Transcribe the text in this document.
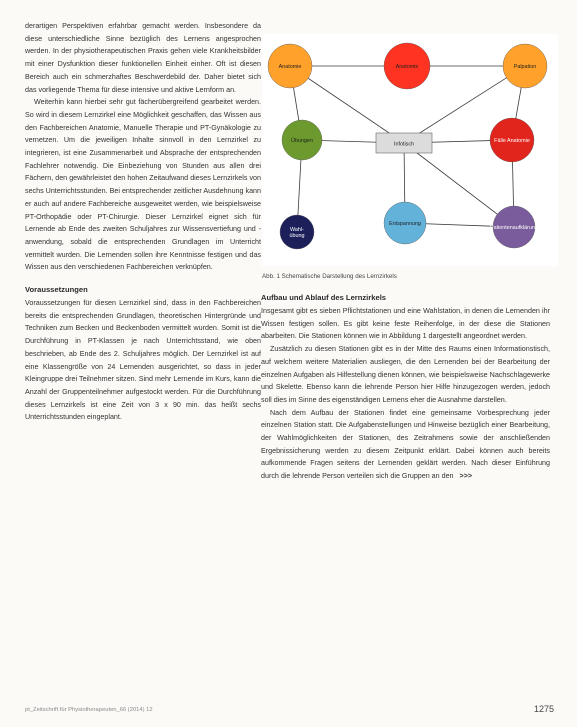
derartigen Perspektiven erfahrbar gemacht werden. Insbesondere da diese unterschiedliche Sinne bezüglich des Lernens angesprochen werden. In der physiotherapeutischen Praxis gehen viele Krankheitsbilder mit einer Dysfunktion dieser funktionellen Einheit einher. Oft ist diesen Bereich auch ein schmerzhaftes Beschwerdebild der. Daher bietet sich das vorliegende Thema für diese intensive und aktive Lernform an.

Weiterhin kann hierbei sehr gut fächerübergreifend gearbeitet werden. So wird in diesem Lernzirkel eine Möglichkeit geschaffen, das Wissen aus den Fachbereichen Anatomie, Manuelle Therapie und PT-Gynäkologie zu vernetzen. Um die jeweiligen Inhalte sinnvoll in den Lernzirkel zu integrieren, ist eine Zusammenarbeit und Absprache der entsprechenden Fachlehrer notwendig. Die Einbeziehung von Stunden aus allen drei Fächern, den gewährleistet den hohen Zeitaufwand dieses Lernzirkels von sechs Unterrichtsstunden. Bei entsprechender zeitlicher Ausdehnung kann er auch auf andere Fachbereiche ausgeweitet werden, wie beispielsweise PT-Orthopädie oder PT-Chirurgie. Dieser Lernzirkel eignet sich für Lernende ab Ende des zweiten Schuljahres zur Wissensvertiefung und -anwendung, sobald die entsprechenden Grundlagen im Unterricht vermittelt wurden. Die Lernenden sollen ihre Kenntnisse festigen und das Wissen aus den verschiedenen Fachbereichen verknüpfen.

Voraussetzungen

Voraussetzungen für diesen Lernzirkel sind, dass in den Fachbereichen bereits die entsprechenden Grundlagen, theoretischen Hintergründe und Techniken zum Becken und Beckenboden vermittelt wurden. Somit ist die Durchführung in PT-Klassen je nach Unterrichtsstand, wie oben beschrieben, ab Ende des 2. Schuljahres möglich. Der Lernzirkel ist auf eine Klassengröße von 24 Lernenden ausgerichtet, so dass in jeder Kleingruppe drei Teilnehmer sitzen. Sind mehr Lernende im Kurs, kann die Anzahl der Gruppenteilnehmer aufgestockt werden. Für die Durchführung dieses Lernzirkels ist eine Zeit von 3 x 90 min. das heißt sechs Unterrichtsstunden eingeplant.

Infotisch
Anatomie	Anatomie	Palpation
Übungen	Fälle Anatomie
Wahl-übung
Entspannung
Patientenaufklärung
Abb. 1 Schematische Darstellung des Lernzirkels
Aufbau und Ablauf des Lernzirkels

Insgesamt gibt es sieben Pflichtstationen und eine Wahlstation, in denen die Lernenden ihr Wissen festigen sollen. Es gibt keine feste Reihenfolge, in der diese die Stationen abarbeiten. Die Stationen können wie in Abbildung 1 dargestellt angeordnet werden.

Zusätzlich zu diesen Stationen gibt es in der Mitte des Raums einen Informationstisch, auf welchem weitere Materialien ausliegen, die den Lernenden bei der Bearbeitung der einzelnen Aufgaben als Hilfestellung dienen können, wie beispielsweise Nachschlagewerke und Skelette. Ebenso kann die lehrende Person hier Hilfe hinzugezogen werden, jedoch soll dies im Sinne des eigenständigen Lernens eher die Ausnahme darstellen.

Nach dem Aufbau der Stationen findet eine gemeinsame Vorbesprechung jeder einzelnen Station statt. Die Aufgabenstellungen und Hinweise bezüglich einer Bearbeitung, der Wahlmöglichkeiten der Stationen, des Zeitrahmens sowie der anschließenden Ergebnissicherung werden zu diesem Zeitpunkt erklärt. Dabei können auch bereits aufkommende Fragen seitens der Lernenden geklärt werden. Nach dieser Einführung durch die lehrende Person verteilen sich die Gruppen an den >>>

pt_Zeitschrift für Physiotherapeuten_66 (2014) 12	1275
